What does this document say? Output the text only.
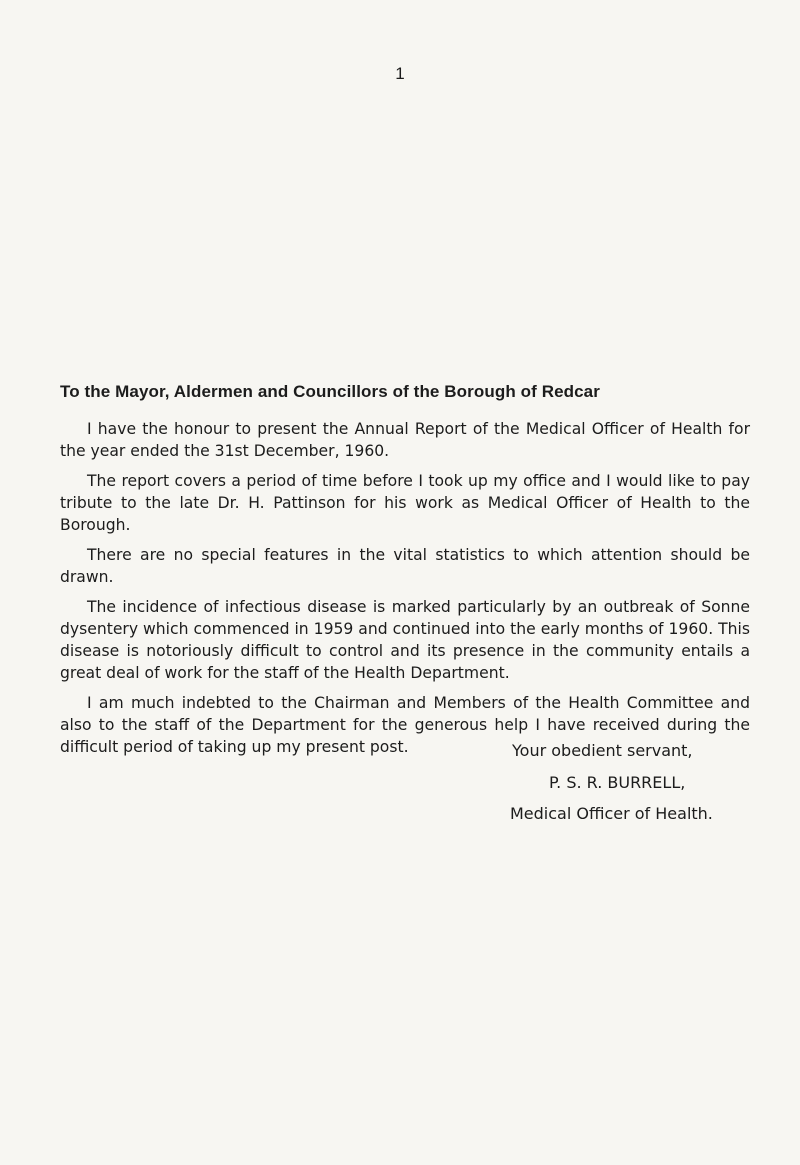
1
To the Mayor, Aldermen and Councillors of the Borough of Redcar

I have the honour to present the Annual Report of the Medical Officer of Health for the year ended the 31st December, 1960.

The report covers a period of time before I took up my office and I would like to pay tribute to the late Dr. H. Pattinson for his work as Medical Officer of Health to the Borough.

There are no special features in the vital statistics to which attention should be drawn.

The incidence of infectious disease is marked particularly by an outbreak of Sonne dysentery which commenced in 1959 and continued into the early months of 1960. This disease is notoriously difficult to control and its presence in the community entails a great deal of work for the staff of the Health Department.

I am much indebted to the Chairman and Members of the Health Committee and also to the staff of the Department for the generous help I have received during the difficult period of taking up my present post.	Your obedient servant,
P. S. R. BURRELL,
Medical Officer of Health.
